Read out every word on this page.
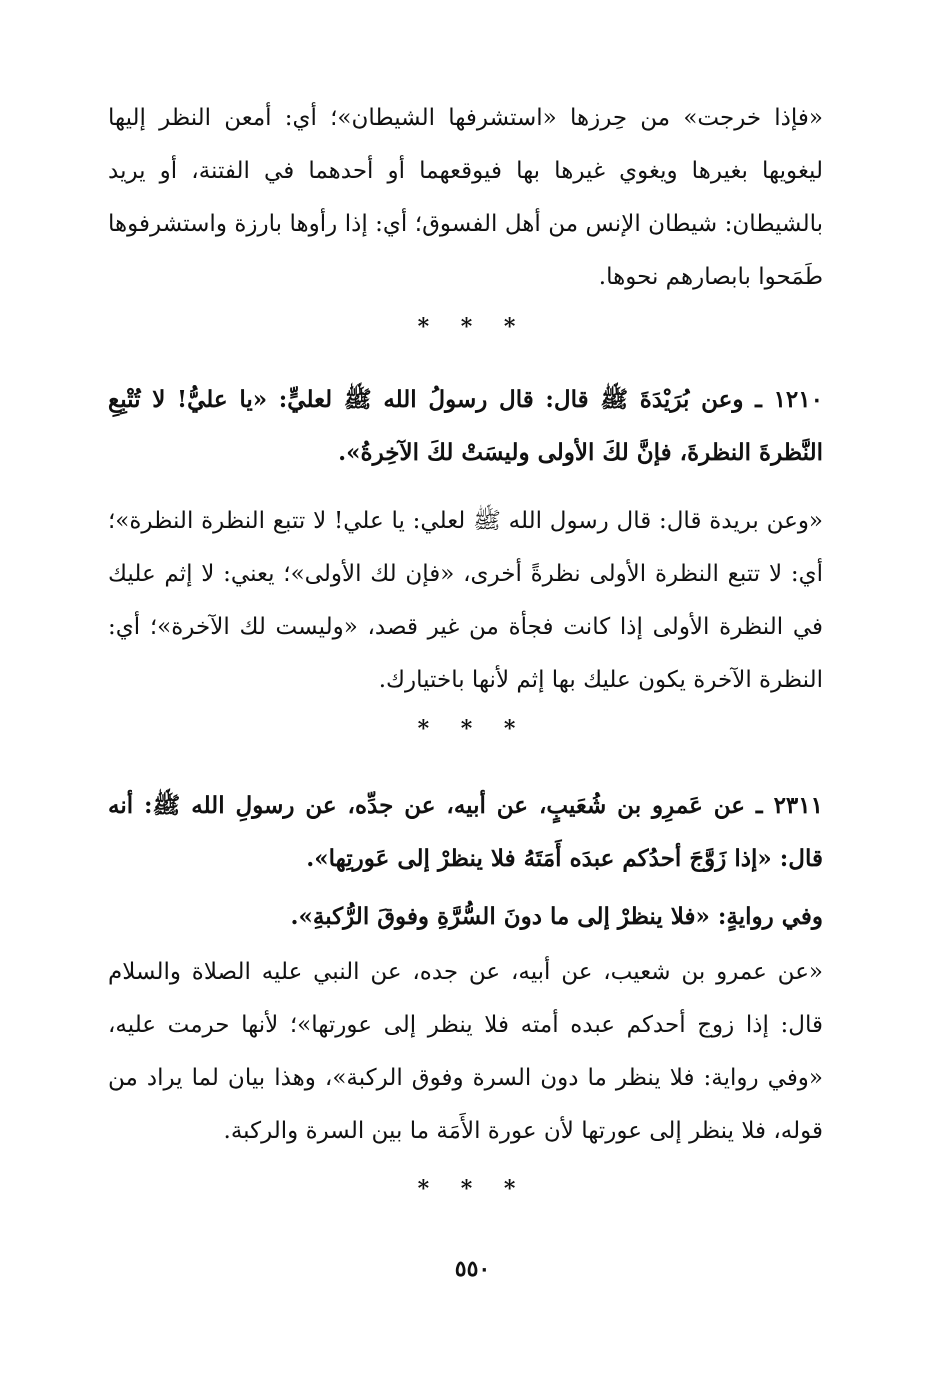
«فإذا خرجت» من حِرزها «استشرفها الشيطان»؛ أي: أمعن النظر إليها ليغويها بغيرها ويغوي غيرها بها فيوقعهما أو أحدهما في الفتنة، أو يريد بالشيطان: شيطان الإنس من أهل الفسوق؛ أي: إذا رأوها بارزة واستشرفوها طَمَحوا بابصارهم نحوها.

* * *

١٢١٠ ـ وعن بُرَيْدَةَ ﷺ قال: قال رسولُ الله ﷺ لعليٍّ: «يا عليُّ! لا تُتْبِعِ النَّظرةَ النظرةَ، فإنَّ لكَ الأولى وليسَتْ لكَ الآخِرةُ».

«وعن بريدة قال: قال رسول الله ﷺ لعلي: يا علي! لا تتبع النظرة النظرة»؛ أي: لا تتبع النظرة الأولى نظرةً أخرى، «فإن لك الأولى»؛ يعني: لا إثم عليك في النظرة الأولى إذا كانت فجأة من غير قصد، «وليست لك الآخرة»؛ أي: النظرة الآخرة يكون عليك بها إثم لأنها باختيارك.

* * *

٢٣١١ ـ عن عَمرِو بن شُعَيبٍ، عن أبيه، عن جدِّه، عن رسولِ الله ﷺ: أنه قال: «إذا زَوَّجَ أحدُكم عبدَه أَمَتَهُ فلا ينظرْ إلى عَورتِها».

وفي روايةٍ: «فلا ينظرْ إلى ما دونَ السُّرَّةِ وفوقَ الرُّكبةِ».

«عن عمرو بن شعيب، عن أبيه، عن جده، عن النبي عليه الصلاة والسلام قال: إذا زوج أحدكم عبده أمته فلا ينظر إلى عورتها»؛ لأنها حرمت عليه، «وفي رواية: فلا ينظر ما دون السرة وفوق الركبة»، وهذا بيان لما يراد من قوله، فلا ينظر إلى عورتها لأن عورة الأَمَة ما بين السرة والركبة.

* * *
٥٥٠
